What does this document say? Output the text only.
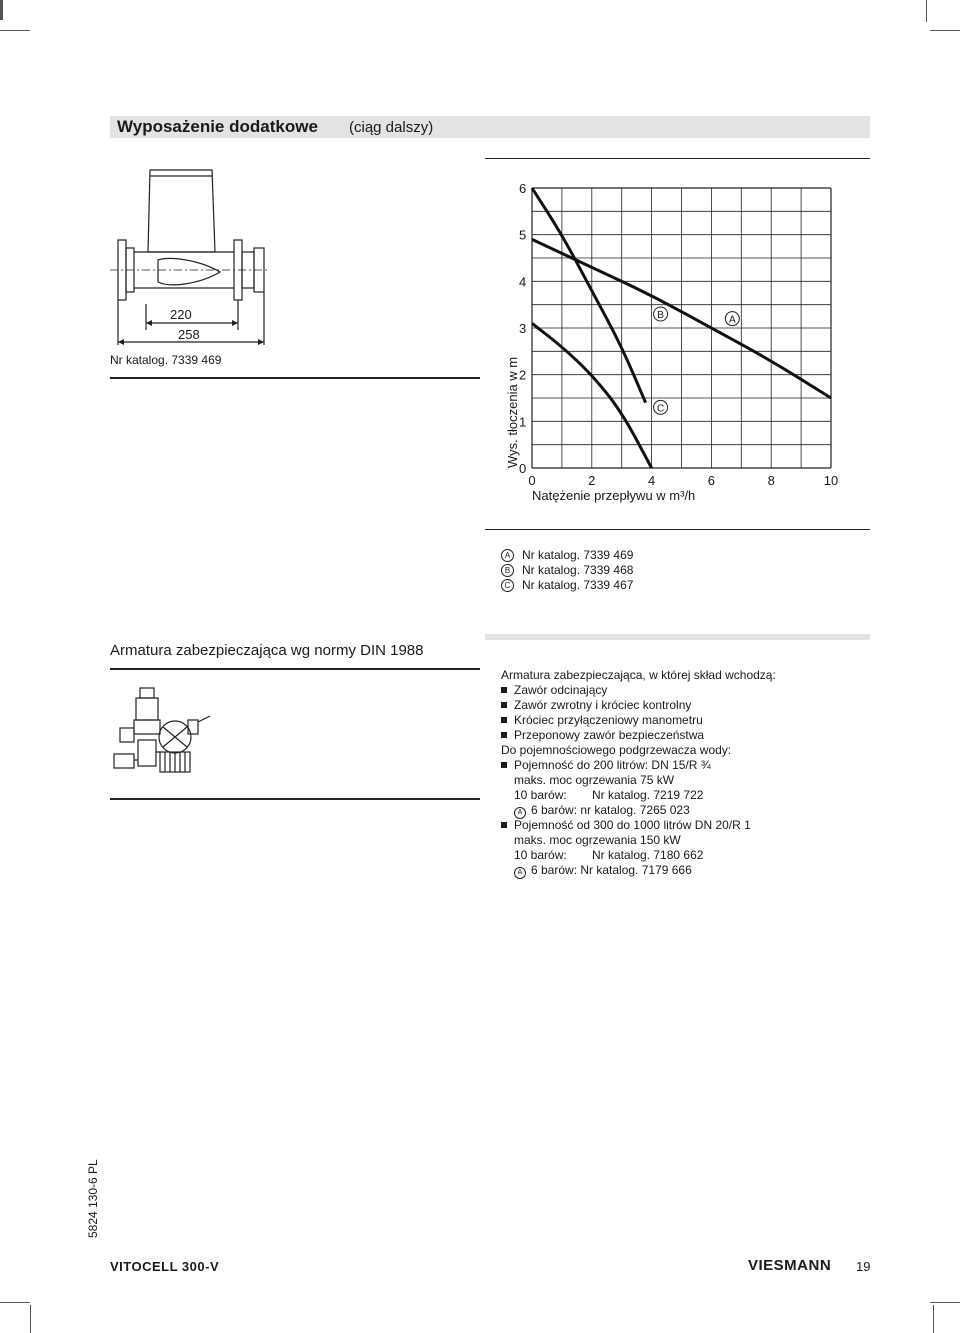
Wyposażenie dodatkowe (ciąg dalszy)
220
258
Nr katalog. 7339 469
0
1
2
3
4
5
6
0	2	4	6	8	10
Natężenie przepływu w m³/h
Wys. tłoczenia w m
A
B
C
A Nr katalog. 7339 469
B Nr katalog. 7339 468
C Nr katalog. 7339 467
Armatura zabezpieczająca wg normy DIN 1988
Armatura zabezpieczająca, w której skład wchodzą:
Zawór odcinający
Zawór zwrotny i króciec kontrolny
Króciec przyłączeniowy manometru
Przeponowy zawór bezpieczeństwa
Do pojemnościowego podgrzewacza wody:
Pojemność do 200 litrów: DN 15/R ¾
maks. moc ogrzewania 75 kW
10 barów: Nr katalog. 7219 722
A 6 barów: nr katalog. 7265 023
Pojemność od 300 do 1000 litrów DN 20/R 1
maks. moc ogrzewania 150 kW
10 barów: Nr katalog. 7180 662
A 6 barów: Nr katalog. 7179 666
5824 130-6 PL
VITOCELL 300-V	VIESMANN 19
